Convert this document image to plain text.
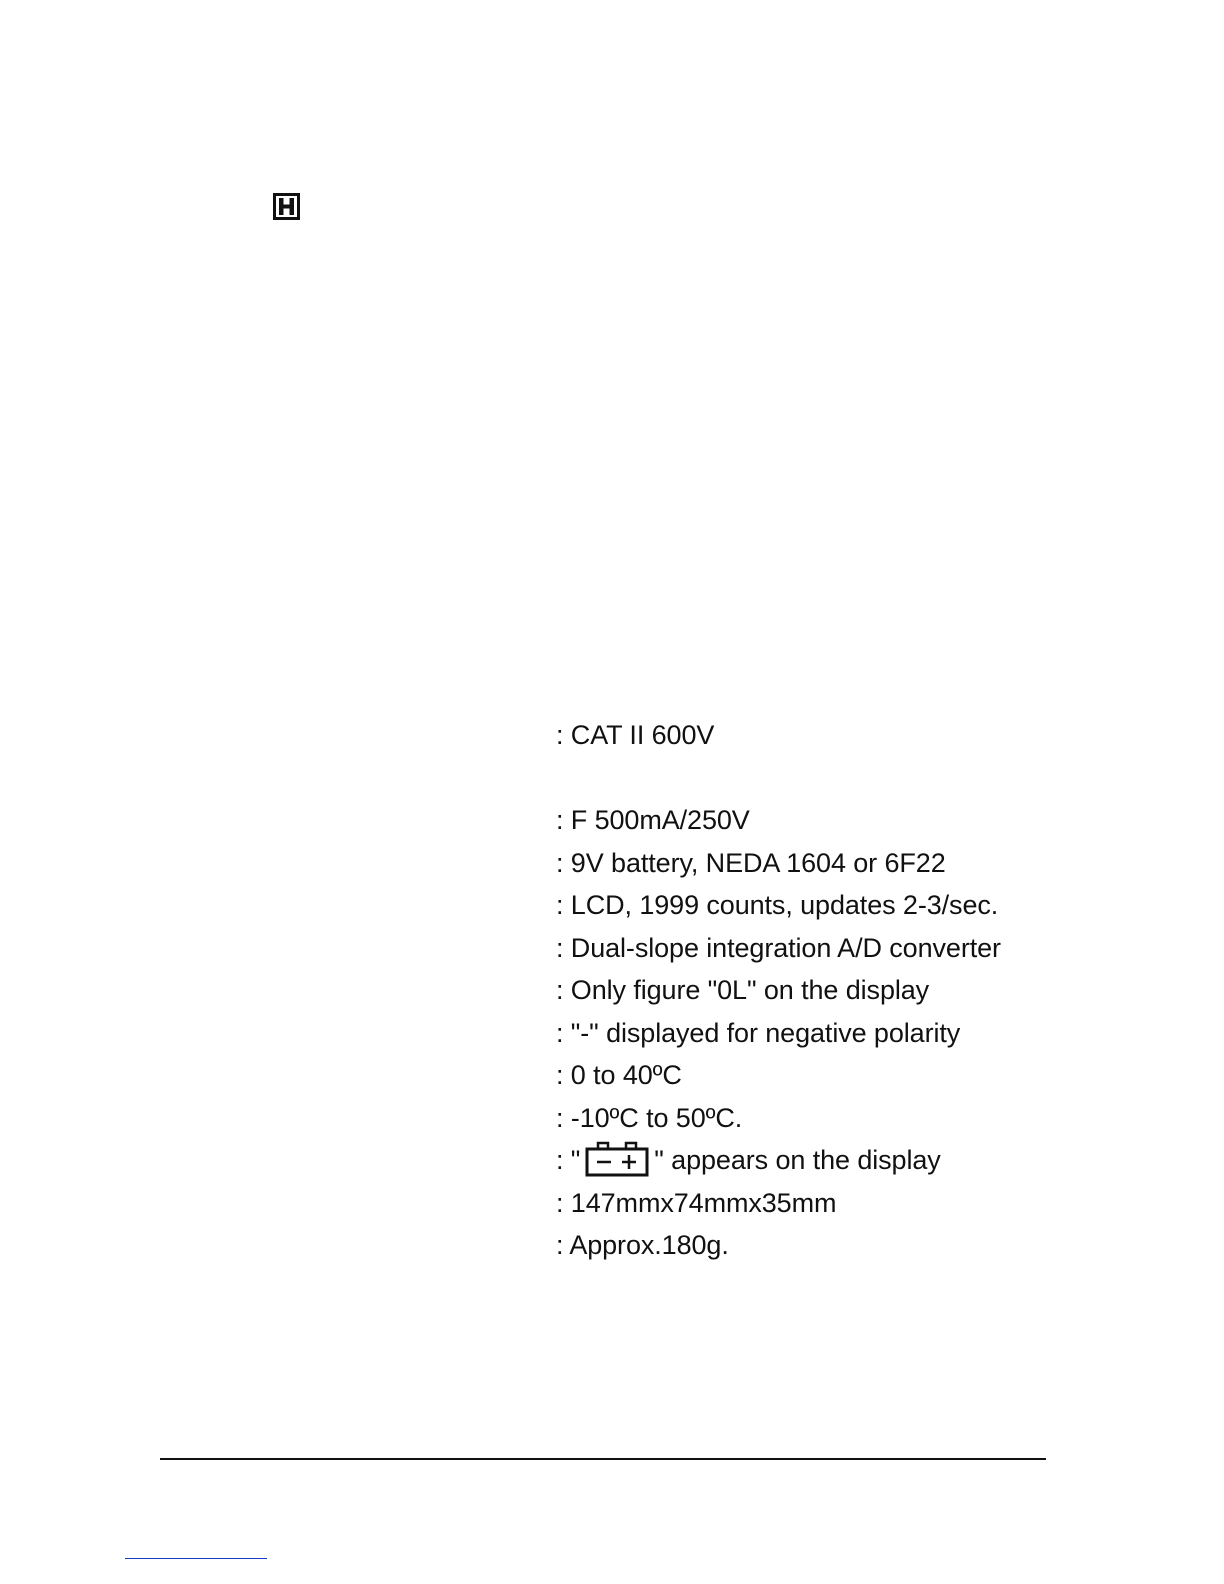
: CAT II 600V
: F 500mA/250V
: 9V battery, NEDA 1604 or 6F22
: LCD, 1999 counts, updates 2-3/sec.
: Dual-slope integration A/D converter
: Only figure "0L" on the display
: "-" displayed for negative polarity
: 0 to 40ºC
: -10ºC to 50ºC.
: "	" appears on the display
: 147mmx74mmx35mm
: Approx.180g.
